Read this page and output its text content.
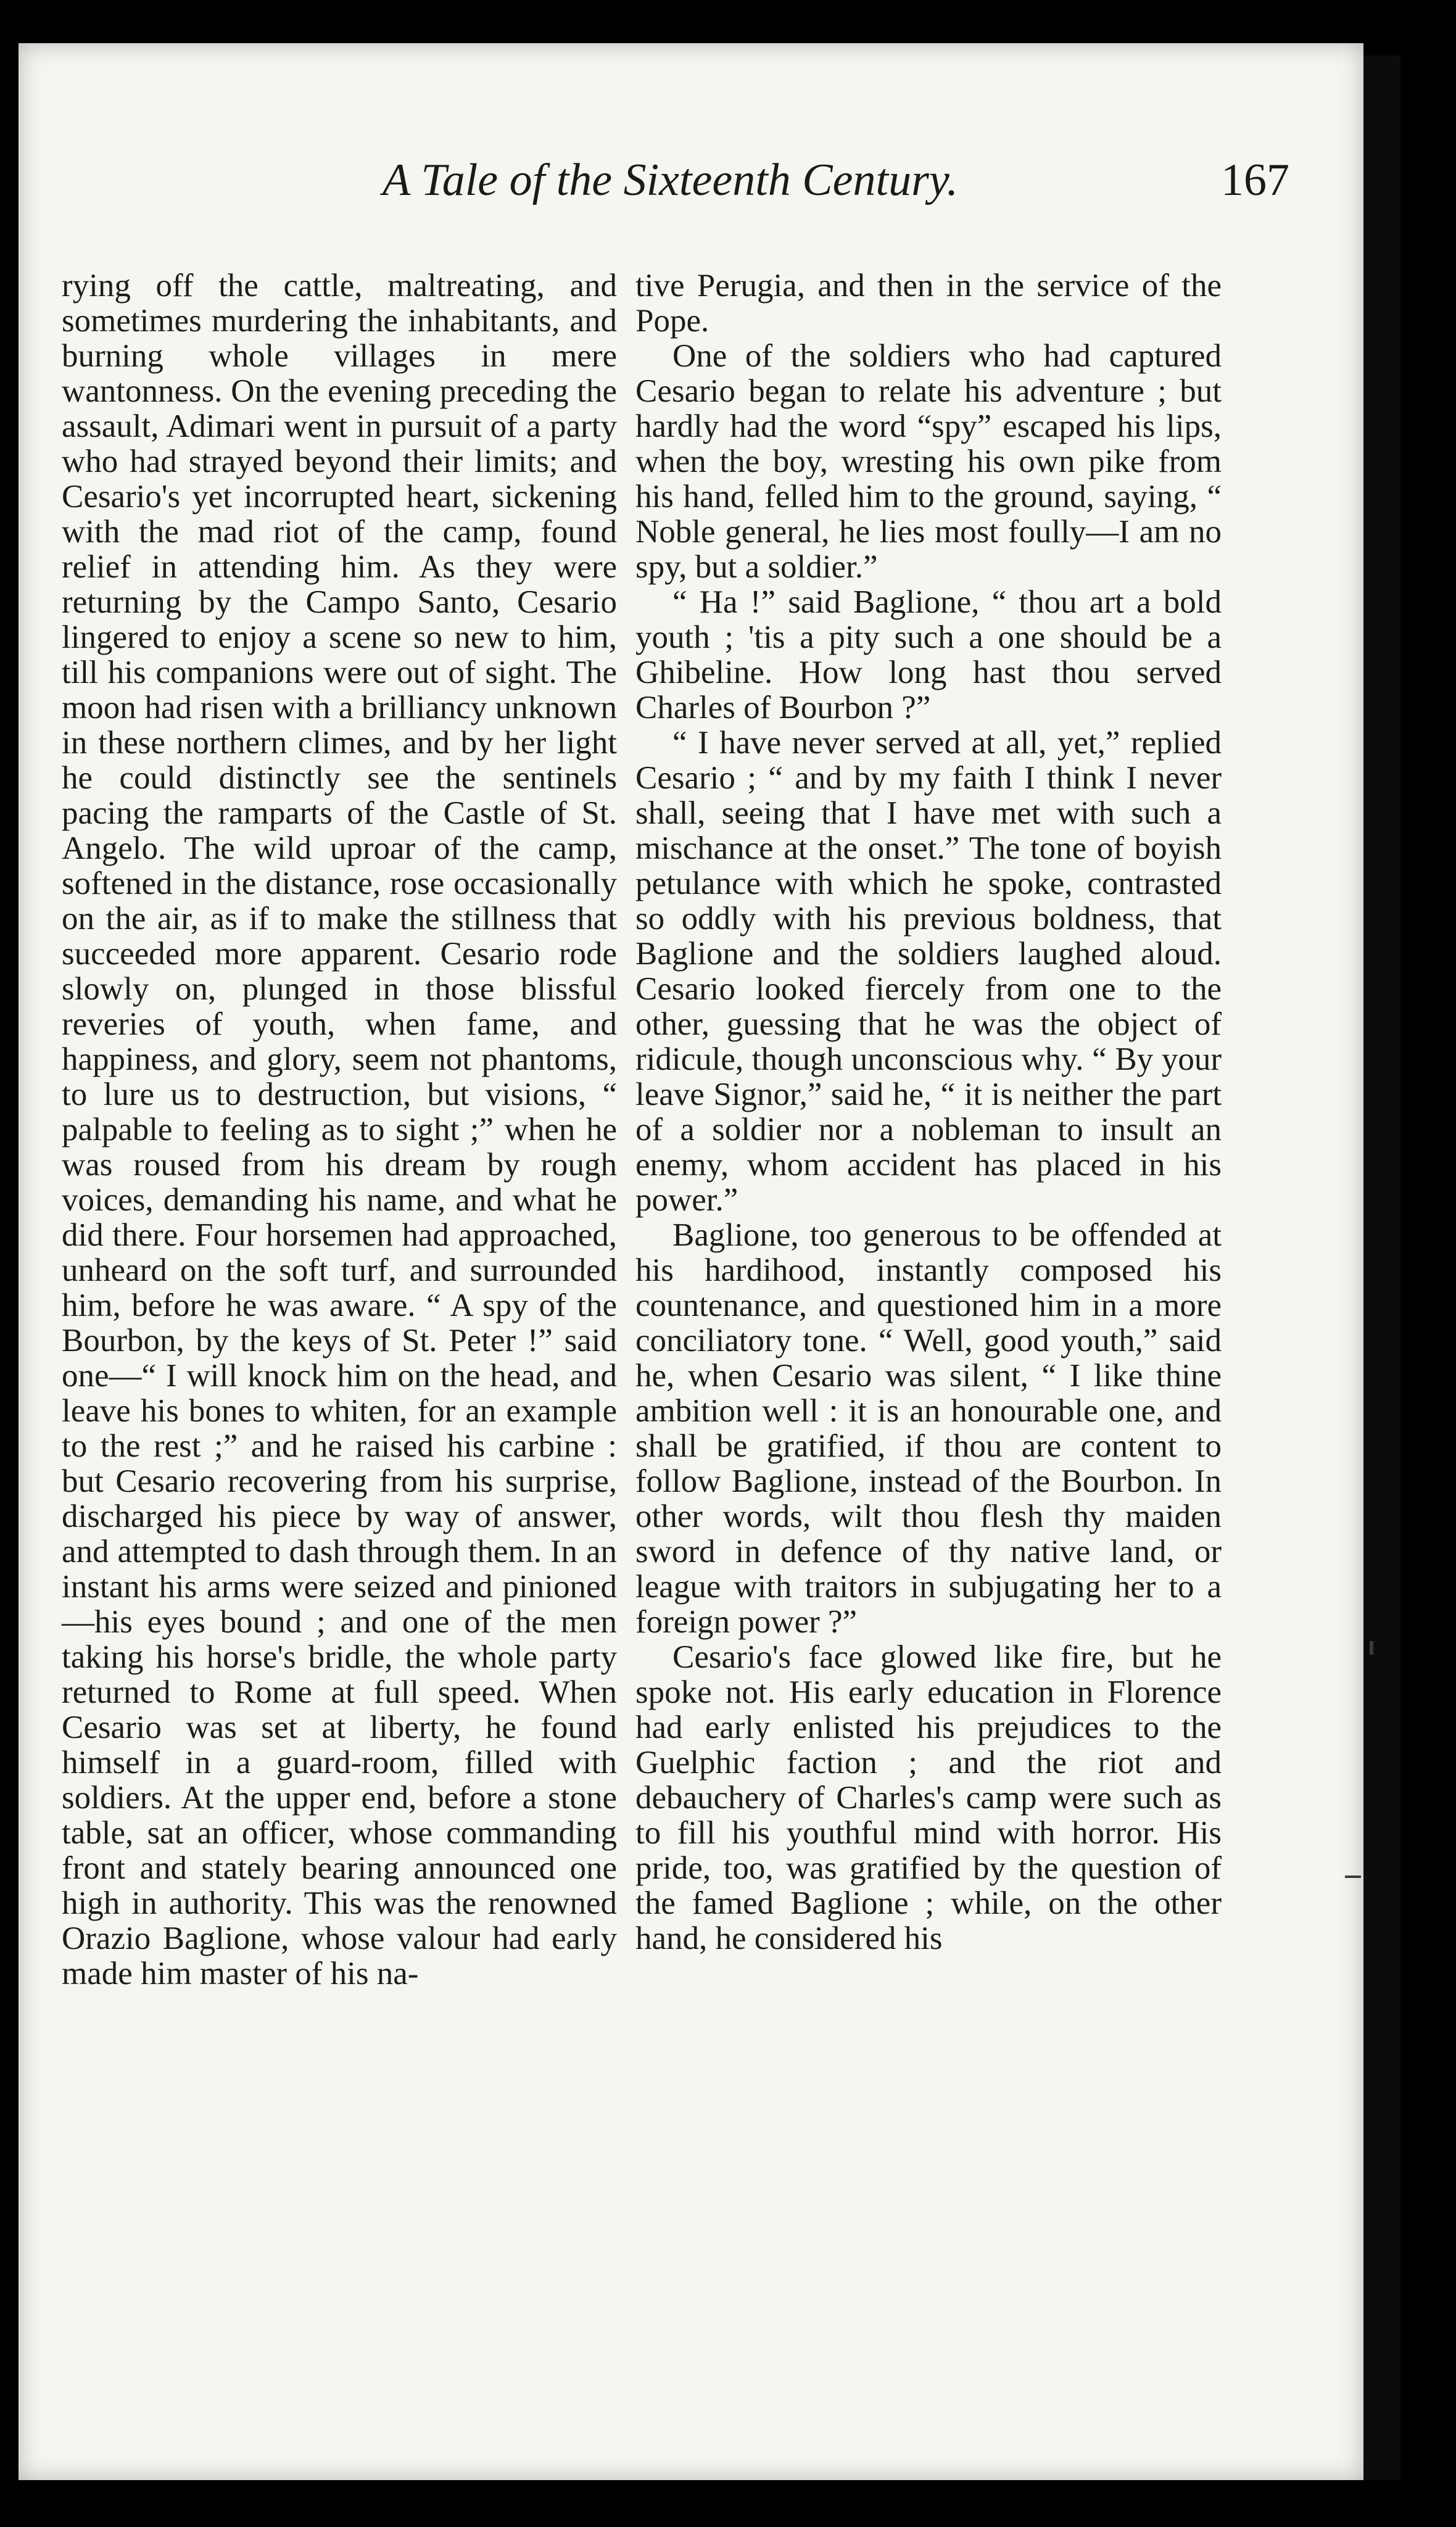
A Tale of the Sixteenth Century.	167

rying off the cattle, maltreating, and sometimes murdering the inhabitants, and burning whole villages in mere wantonness. On the evening preceding the assault, Adimari went in pursuit of a party who had strayed beyond their limits; and Cesario's yet incorrupted heart, sickening with the mad riot of the camp, found relief in attending him. As they were returning by the Campo Santo, Cesario lingered to enjoy a scene so new to him, till his companions were out of sight. The moon had risen with a brilliancy unknown in these northern climes, and by her light he could distinctly see the sentinels pacing the ramparts of the Castle of St. Angelo. The wild uproar of the camp, softened in the distance, rose occasionally on the air, as if to make the stillness that succeeded more apparent. Cesario rode slowly on, plunged in those blissful reveries of youth, when fame, and happiness, and glory, seem not phantoms, to lure us to destruction, but visions, “ palpable to feeling as to sight ;” when he was roused from his dream by rough voices, demanding his name, and what he did there. Four horsemen had approached, unheard on the soft turf, and surrounded him, before he was aware. “ A spy of the Bourbon, by the keys of St. Peter !” said one—“ I will knock him on the head, and leave his bones to whiten, for an example to the rest ;” and he raised his carbine : but Cesario recovering from his surprise, discharged his piece by way of answer, and attempted to dash through them. In an instant his arms were seized and pinioned—his eyes bound ; and one of the men taking his horse's bridle, the whole party returned to Rome at full speed. When Cesario was set at liberty, he found himself in a guard-room, filled with soldiers. At the upper end, before a stone table, sat an officer, whose commanding front and stately bearing announced one high in authority. This was the renowned Orazio Baglione, whose valour had early made him master of his na-

tive Perugia, and then in the service of the Pope.

One of the soldiers who had captured Cesario began to relate his adventure ; but hardly had the word “spy” escaped his lips, when the boy, wresting his own pike from his hand, felled him to the ground, saying, “ Noble general, he lies most foully—I am no spy, but a soldier.”

“ Ha !” said Baglione, “ thou art a bold youth ; 'tis a pity such a one should be a Ghibeline. How long hast thou served Charles of Bourbon ?”

“ I have never served at all, yet,” replied Cesario ; “ and by my faith I think I never shall, seeing that I have met with such a mischance at the onset.” The tone of boyish petulance with which he spoke, contrasted so oddly with his previous boldness, that Baglione and the soldiers laughed aloud. Cesario looked fiercely from one to the other, guessing that he was the object of ridicule, though unconscious why. “ By your leave Signor,” said he, “ it is neither the part of a soldier nor a nobleman to insult an enemy, whom accident has placed in his power.”

Baglione, too generous to be offended at his hardihood, instantly composed his countenance, and questioned him in a more conciliatory tone. “ Well, good youth,” said he, when Cesario was silent, “ I like thine ambition well : it is an honourable one, and shall be gratified, if thou are content to follow Baglione, instead of the Bourbon. In other words, wilt thou flesh thy maiden sword in defence of thy native land, or league with traitors in subjugating her to a foreign power ?”

Cesario's face glowed like fire, but he spoke not. His early education in Florence had early enlisted his prejudices to the Guelphic faction ; and the riot and debauchery of Charles's camp were such as to fill his youthful mind with horror. His pride, too, was gratified by the question of the famed Baglione ; while, on the other hand, he considered his
